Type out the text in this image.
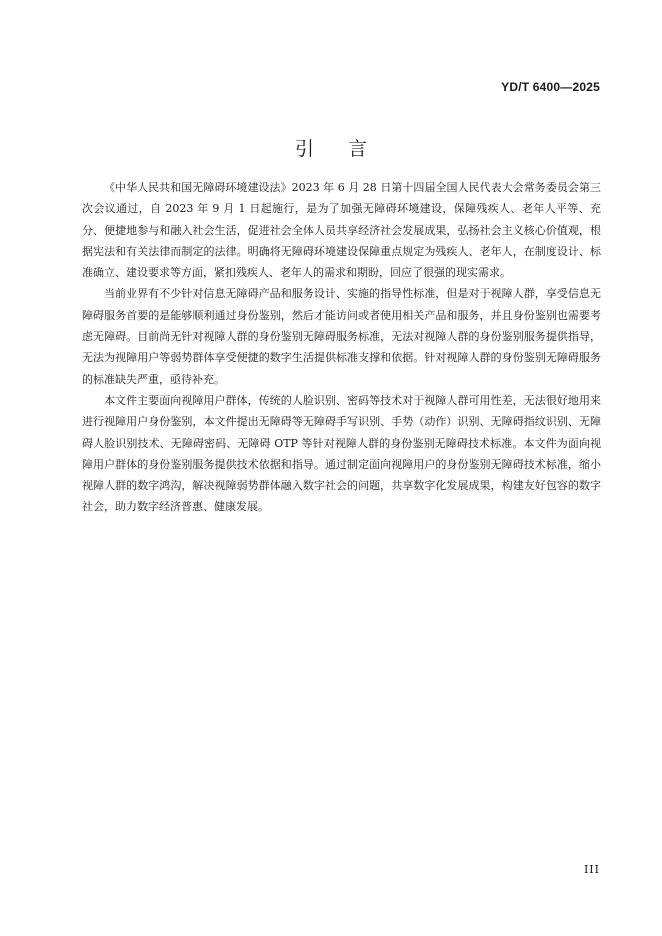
YD/T 6400—2025
引言

《中华人民共和国无障碍环境建设法》2023 年 6 月 28 日第十四届全国人民代表大会常务委员会第三次会议通过，自 2023 年 9 月 1 日起施行，是为了加强无障碍环境建设，保障残疾人、老年人平等、充分、便捷地参与和融入社会生活，促进社会全体人员共享经济社会发展成果，弘扬社会主义核心价值观，根据宪法和有关法律而制定的法律。明确将无障碍环境建设保障重点规定为残疾人、老年人，在制度设计、标准确立、建设要求等方面，紧扣残疾人、老年人的需求和期盼，回应了很强的现实需求。

当前业界有不少针对信息无障碍产品和服务设计、实施的指导性标准，但是对于视障人群，享受信息无障碍服务首要的是能够顺利通过身份鉴别，然后才能访问或者使用相关产品和服务，并且身份鉴别也需要考虑无障碍。目前尚无针对视障人群的身份鉴别无障碍服务标准，无法对视障人群的身份鉴别服务提供指导，无法为视障用户等弱势群体享受便捷的数字生活提供标准支撑和依据。针对视障人群的身份鉴别无障碍服务的标准缺失严重，亟待补充。

本文件主要面向视障用户群体，传统的人脸识别、密码等技术对于视障人群可用性差，无法很好地用来进行视障用户身份鉴别，本文件提出无障碍等无障碍手写识别、手势（动作）识别、无障碍指纹识别、无障碍人脸识别技术、无障碍密码、无障碍 OTP 等针对视障人群的身份鉴别无障碍技术标准。本文件为面向视障用户群体的身份鉴别服务提供技术依据和指导。通过制定面向视障用户的身份鉴别无障碍技术标准，缩小视障人群的数字鸿沟，解决视障弱势群体融入数字社会的问题，共享数字化发展成果，构建友好包容的数字社会，助力数字经济普惠、健康发展。

III
